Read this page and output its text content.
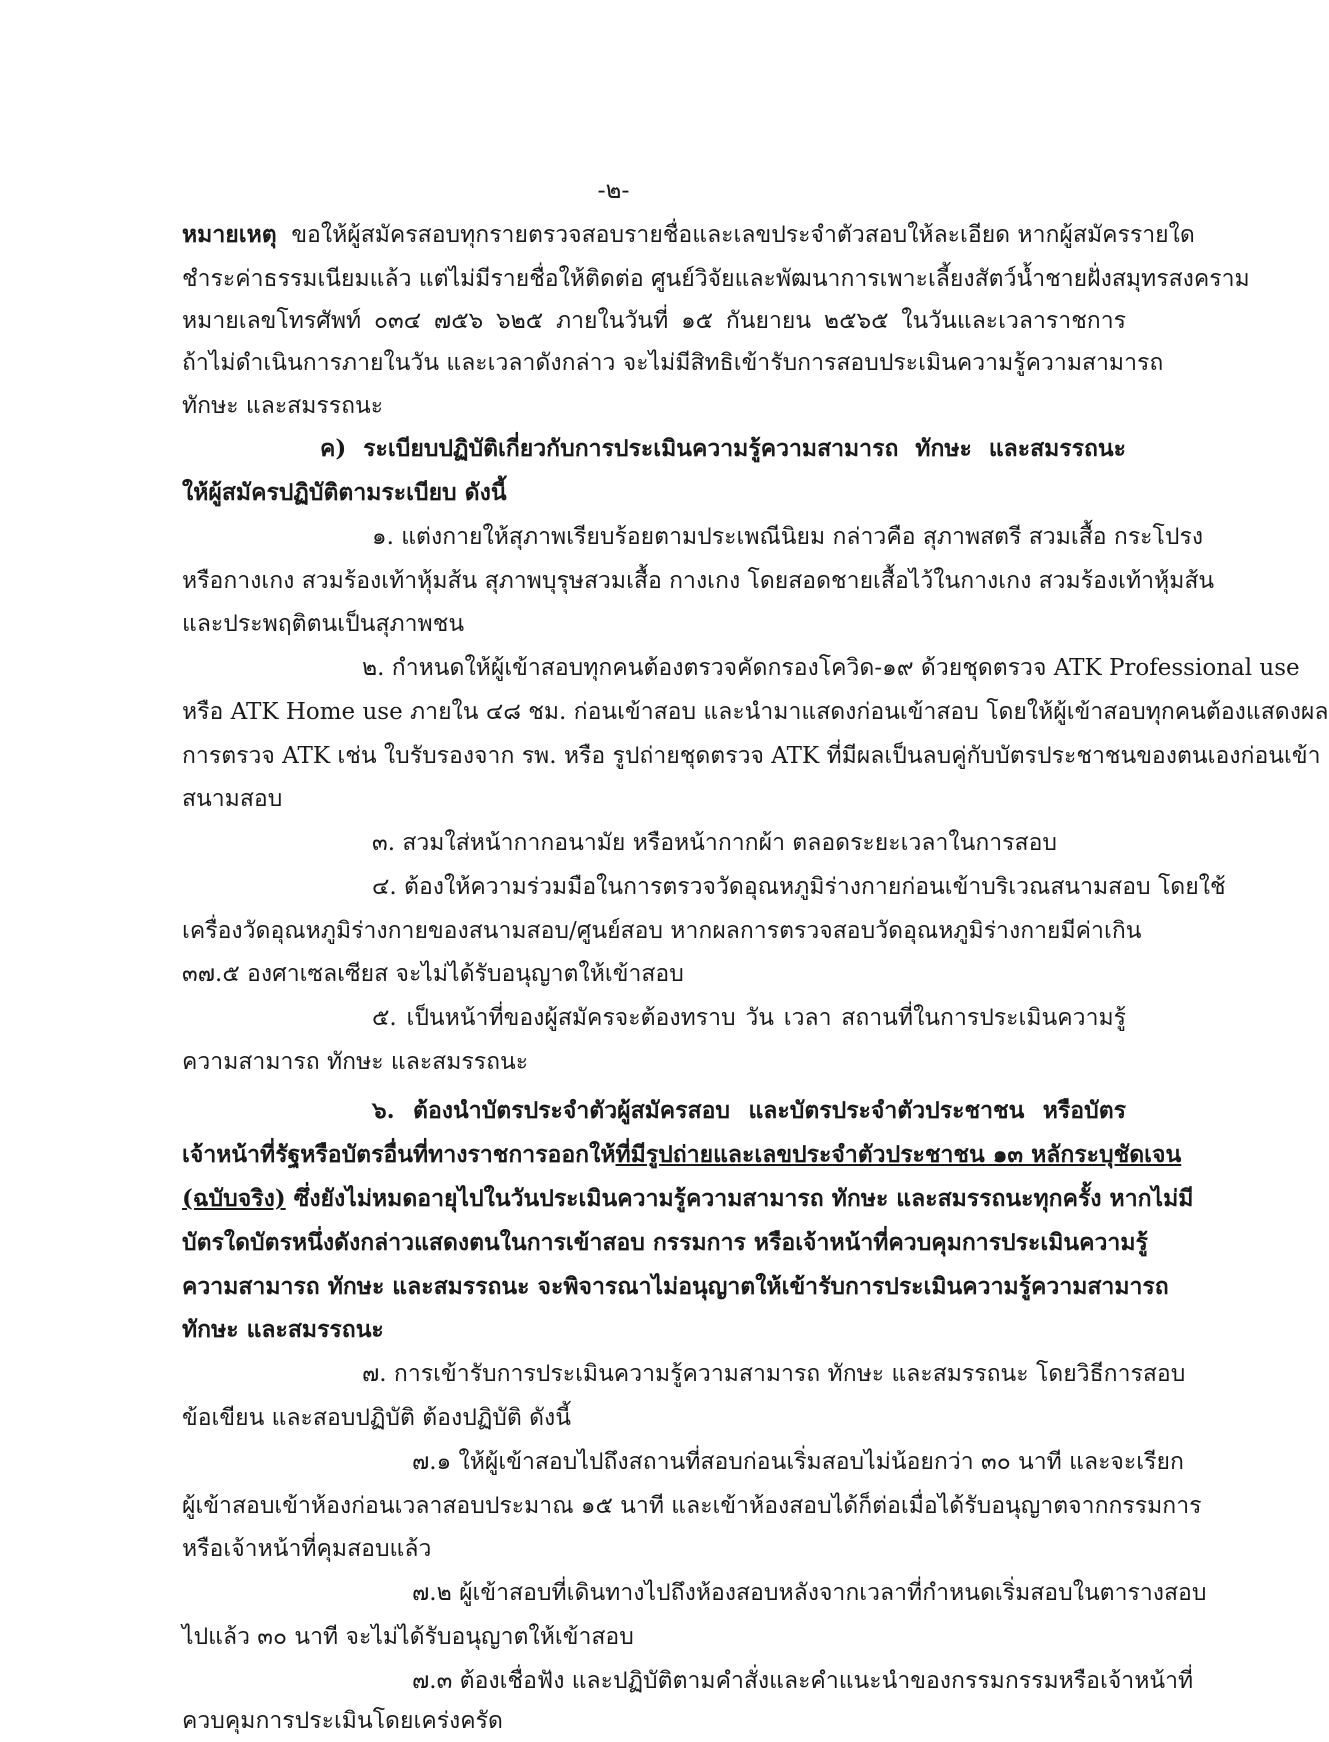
-๒-
หมายเหตุ ขอให้ผู้สมัครสอบทุกรายตรวจสอบรายชื่อและเลขประจำตัวสอบให้ละเอียด หากผู้สมัครรายใด
ชำระค่าธรรมเนียมแล้ว แต่ไม่มีรายชื่อให้ติดต่อ ศูนย์วิจัยและพัฒนาการเพาะเลี้ยงสัตว์น้ำชายฝั่งสมุทรสงคราม
หมายเลขโทรศัพท์ ๐๓๔ ๗๕๖ ๖๒๕ ภายในวันที่ ๑๕ กันยายน ๒๕๖๕ ในวันและเวลาราชการ
ถ้าไม่ดำเนินการภายในวัน และเวลาดังกล่าว จะไม่มีสิทธิเข้ารับการสอบประเมินความรู้ความสามารถ
ทักษะ และสมรรถนะ
ค) ระเบียบปฏิบัติเกี่ยวกับการประเมินความรู้ความสามารถ ทักษะ และสมรรถนะ
ให้ผู้สมัครปฏิบัติตามระเบียบ ดังนี้
๑. แต่งกายให้สุภาพเรียบร้อยตามประเพณีนิยม กล่าวคือ สุภาพสตรี สวมเสื้อ กระโปรง
หรือกางเกง สวมร้องเท้าหุ้มส้น สุภาพบุรุษสวมเสื้อ กางเกง โดยสอดชายเสื้อไว้ในกางเกง สวมร้องเท้าหุ้มส้น
และประพฤติตนเป็นสุภาพชน
๒. กำหนดให้ผู้เข้าสอบทุกคนต้องตรวจคัดกรองโควิด-๑๙ ด้วยชุดตรวจ ATK Professional use
หรือ ATK Home use ภายใน ๔๘ ชม. ก่อนเข้าสอบ และนำมาแสดงก่อนเข้าสอบ โดยให้ผู้เข้าสอบทุกคนต้องแสดงผล
การตรวจ ATK เช่น ใบรับรองจาก รพ. หรือ รูปถ่ายชุดตรวจ ATK ที่มีผลเป็นลบคู่กับบัตรประชาชนของตนเองก่อนเข้า
สนามสอบ
๓. สวมใส่หน้ากากอนามัย หรือหน้ากากผ้า ตลอดระยะเวลาในการสอบ
๔. ต้องให้ความร่วมมือในการตรวจวัดอุณหภูมิร่างกายก่อนเข้าบริเวณสนามสอบ โดยใช้
เครื่องวัดอุณหภูมิร่างกายของสนามสอบ/ศูนย์สอบ หากผลการตรวจสอบวัดอุณหภูมิร่างกายมีค่าเกิน
๓๗.๕ องศาเซลเซียส จะไม่ได้รับอนุญาตให้เข้าสอบ
๕. เป็นหน้าที่ของผู้สมัครจะต้องทราบ วัน เวลา สถานที่ในการประเมินความรู้
ความสามารถ ทักษะ และสมรรถนะ
๖. ต้องนำบัตรประจำตัวผู้สมัครสอบ และบัตรประจำตัวประชาชน หรือบัตร
เจ้าหน้าที่รัฐหรือบัตรอื่นที่ทางราชการออกให้ที่มีรูปถ่ายและเลขประจำตัวประชาชน ๑๓ หลักระบุชัดเจน
(ฉบับจริง) ซึ่งยังไม่หมดอายุไปในวันประเมินความรู้ความสามารถ ทักษะ และสมรรถนะทุกครั้ง หากไม่มี
บัตรใดบัตรหนึ่งดังกล่าวแสดงตนในการเข้าสอบ กรรมการ หรือเจ้าหน้าที่ควบคุมการประเมินความรู้
ความสามารถ ทักษะ และสมรรถนะ จะพิจารณาไม่อนุญาตให้เข้ารับการประเมินความรู้ความสามารถ
ทักษะ และสมรรถนะ
๗. การเข้ารับการประเมินความรู้ความสามารถ ทักษะ และสมรรถนะ โดยวิธีการสอบ
ข้อเขียน และสอบปฏิบัติ ต้องปฏิบัติ ดังนี้
๗.๑ ให้ผู้เข้าสอบไปถึงสถานที่สอบก่อนเริ่มสอบไม่น้อยกว่า ๓๐ นาที และจะเรียก
ผู้เข้าสอบเข้าห้องก่อนเวลาสอบประมาณ ๑๕ นาที และเข้าห้องสอบได้ก็ต่อเมื่อได้รับอนุญาตจากกรรมการ
หรือเจ้าหน้าที่คุมสอบแล้ว
๗.๒ ผู้เข้าสอบที่เดินทางไปถึงห้องสอบหลังจากเวลาที่กำหนดเริ่มสอบในตารางสอบ
ไปแล้ว ๓๐ นาที จะไม่ได้รับอนุญาตให้เข้าสอบ
๗.๓ ต้องเชื่อฟัง และปฏิบัติตามคำสั่งและคำแนะนำของกรรมกรรมหรือเจ้าหน้าที่
ควบคุมการประเมินโดยเคร่งครัด
